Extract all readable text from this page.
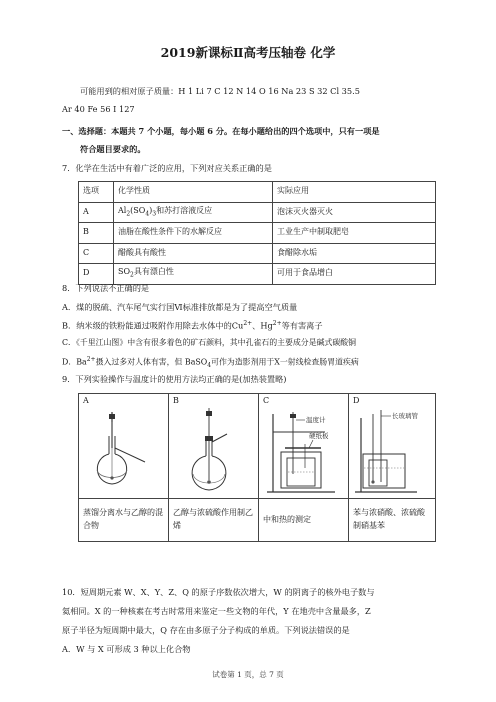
2019新课标Ⅱ高考压轴卷 化学
可能用到的相对原子质量：H 1 Li 7 C 12 N 14 O 16 Na 23 S 32 Cl 35.5
Ar 40 Fe 56 I 127
一、选择题：本题共 7 个小题，每小题 6 分。在每小题给出的四个选项中，只有一项是
符合题目要求的。
7．化学在生活中有着广泛的应用，下列对应关系正确的是
选项	化学性质	实际应用
A	$Al_2(SO_4)_3$和苏打溶液反应	泡沫灭火器灭火
B	油脂在酸性条件下的水解反应	工业生产中制取肥皂
C	醋酸具有酸性	食醋除水垢
D	$SO_2$具有漂白性	可用于食品增白
8．下列说法不正确的是
A．煤的脱硫、汽车尾气实行国Ⅵ标准排放都是为了提高空气质量
B．纳米级的铁粉能通过吸附作用除去水体中的$Cu^{2+}$、$Hg^{2+}$等有害离子
C．《千里江山图》中含有很多着色的矿石颜料，其中孔雀石的主要成分是碱式碳酸铜
D．$Ba^{2+}$摄入过多对人体有害，但 BaSO$_4$可作为造影剂用于X一射线检查肠胃道疾病
9．下列实验操作与温度计的使用方法均正确的是(加热装置略)
A	B	C
温度计
硬纸板	D
长玻璃管

蒸馏分离水与乙醇的混合物	乙醇与浓硫酸作用制乙烯	中和热的测定	苯与浓硝酸、浓硫酸制硝基苯
10．短周期元素 W、X、Y、Z、Q 的原子序数依次增大，W 的阴离子的核外电子数与
氦相同。X 的一种核素在考古时常用来鉴定一些文物的年代，Y 在地壳中含量最多，Z
原子半径为短周期中最大，Q 存在由多原子分子构成的单质。下列说法错误的是
A．W 与 X 可形成 3 种以上化合物
试卷第 1 页，总 7 页
